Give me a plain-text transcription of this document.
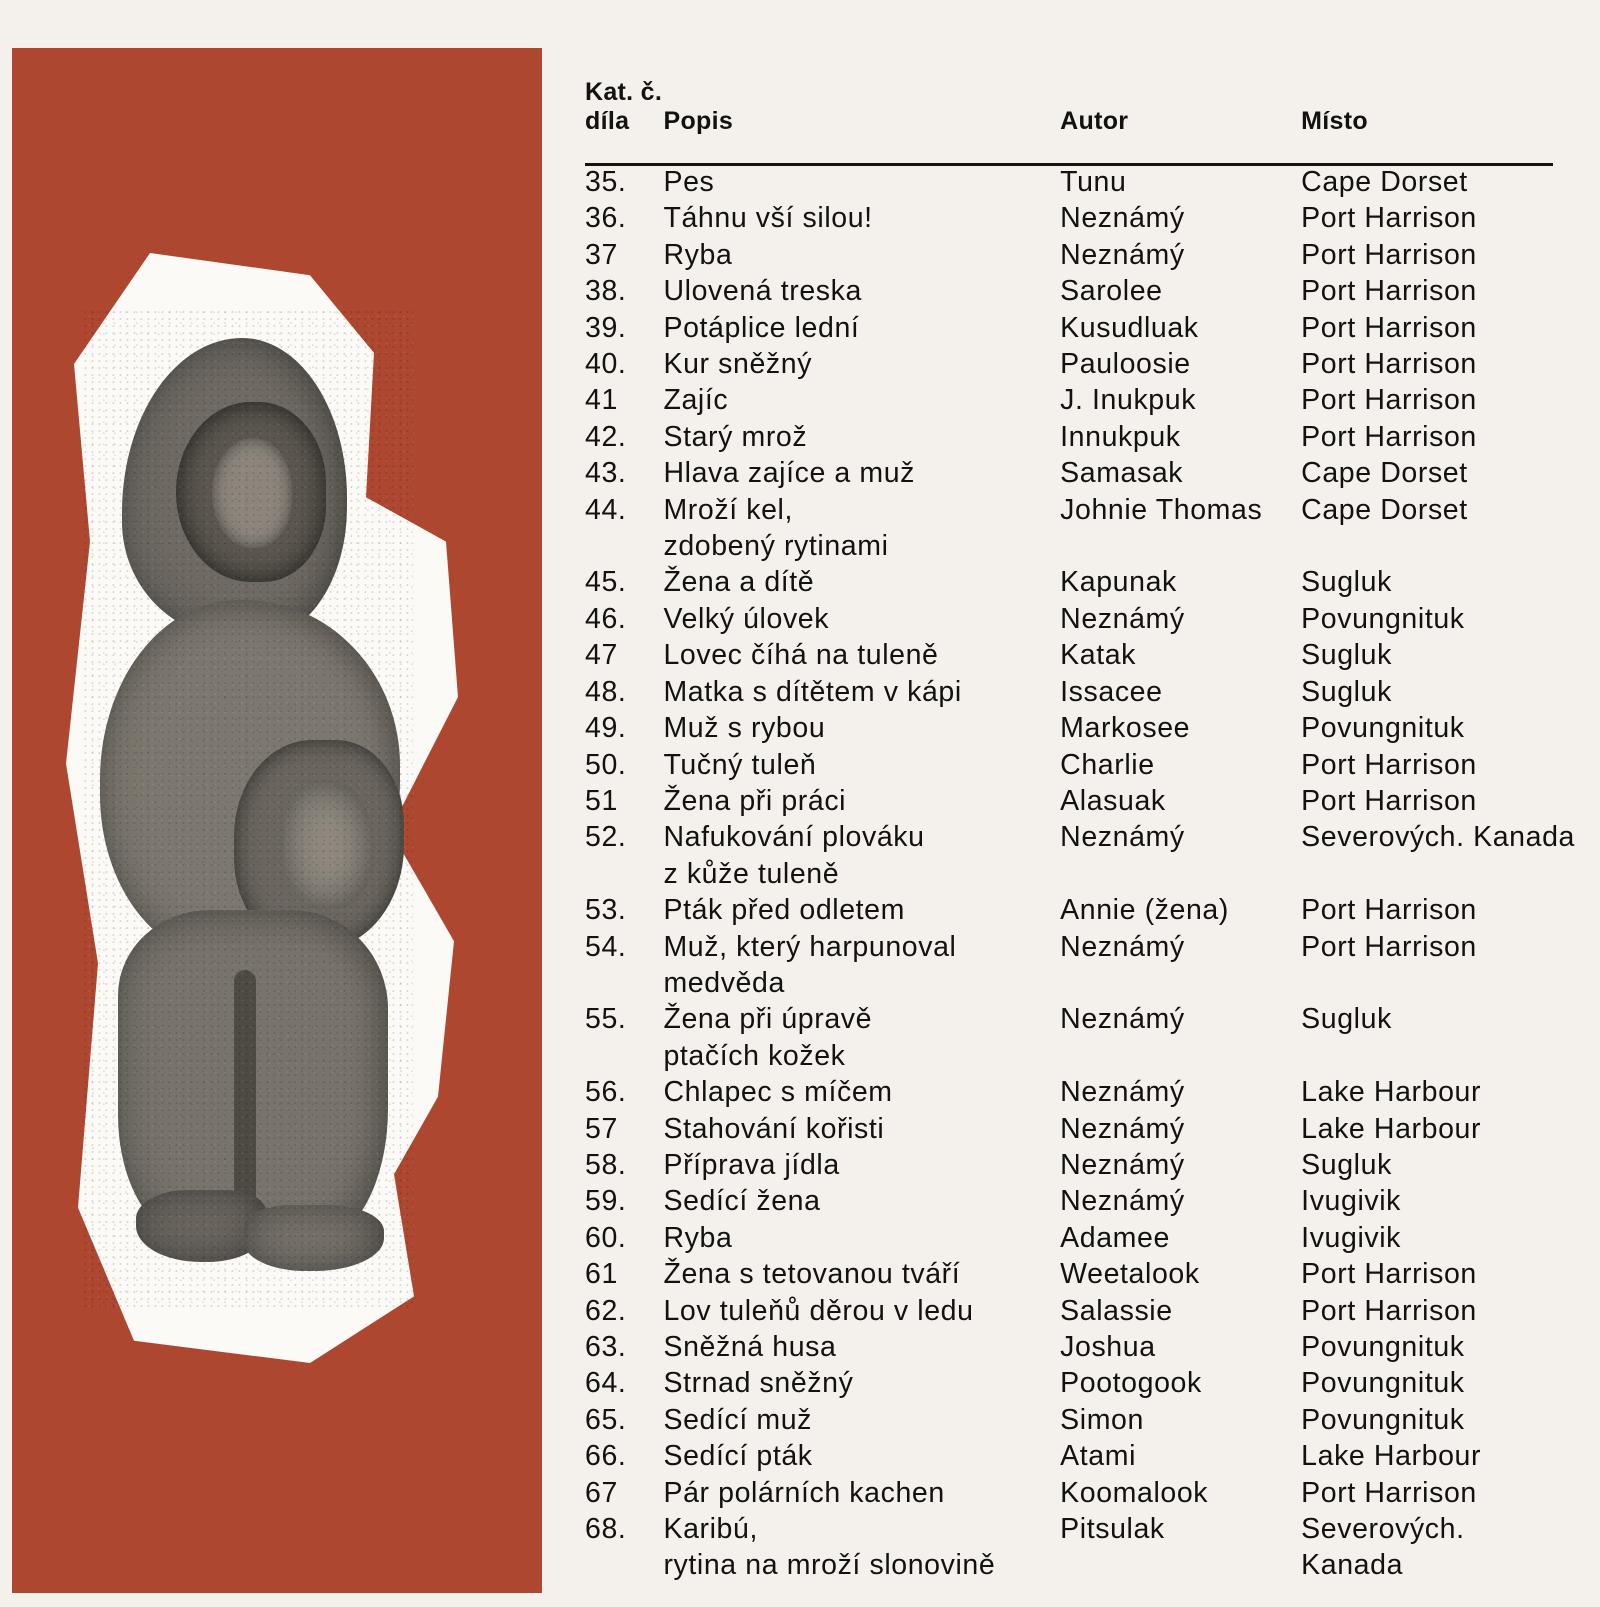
Kat. č.
díla	Popis	Autor	Místo
35.	Pes	Tunu	Cape Dorset
36.	Táhnu vší silou!	Neznámý	Port Harrison
37	Ryba	Neznámý	Port Harrison
38.	Ulovená treska	Sarolee	Port Harrison
39.	Potáplice lední	Kusudluak	Port Harrison
40.	Kur sněžný	Pauloosie	Port Harrison
41	Zajíc	J. Inukpuk	Port Harrison
42.	Starý mrož	Innukpuk	Port Harrison
43.	Hlava zajíce a muž	Samasak	Cape Dorset
44.	Mroží kel,	Johnie Thomas	Cape Dorset
	zdobený rytinami		
45.	Žena a dítě	Kapunak	Sugluk
46.	Velký úlovek	Neznámý	Povungnituk
47	Lovec číhá na tuleně	Katak	Sugluk
48.	Matka s dítětem v kápi	Issacee	Sugluk
49.	Muž s rybou	Markosee	Povungnituk
50.	Tučný tuleň	Charlie	Port Harrison
51	Žena při práci	Alasuak	Port Harrison
52.	Nafukování plováku	Neznámý	Severových. Kanada
	z kůže tuleně		
53.	Pták před odletem	Annie (žena)	Port Harrison
54.	Muž, který harpunoval	Neznámý	Port Harrison
	medvěda		
55.	Žena při úpravě	Neznámý	Sugluk
	ptačích kožek		
56.	Chlapec s míčem	Neznámý	Lake Harbour
57	Stahování kořisti	Neznámý	Lake Harbour
58.	Příprava jídla	Neznámý	Sugluk
59.	Sedící žena	Neznámý	Ivugivik
60.	Ryba	Adamee	Ivugivik
61	Žena s tetovanou tváří	Weetalook	Port Harrison
62.	Lov tuleňů děrou v ledu	Salassie	Port Harrison
63.	Sněžná husa	Joshua	Povungnituk
64.	Strnad sněžný	Pootogook	Povungnituk
65.	Sedící muž	Simon	Povungnituk
66.	Sedící pták	Atami	Lake Harbour
67	Pár polárních kachen	Koomalook	Port Harrison
68.	Karibú,	Pitsulak	Severových.
	rytina na mroží slonovině		Kanada
